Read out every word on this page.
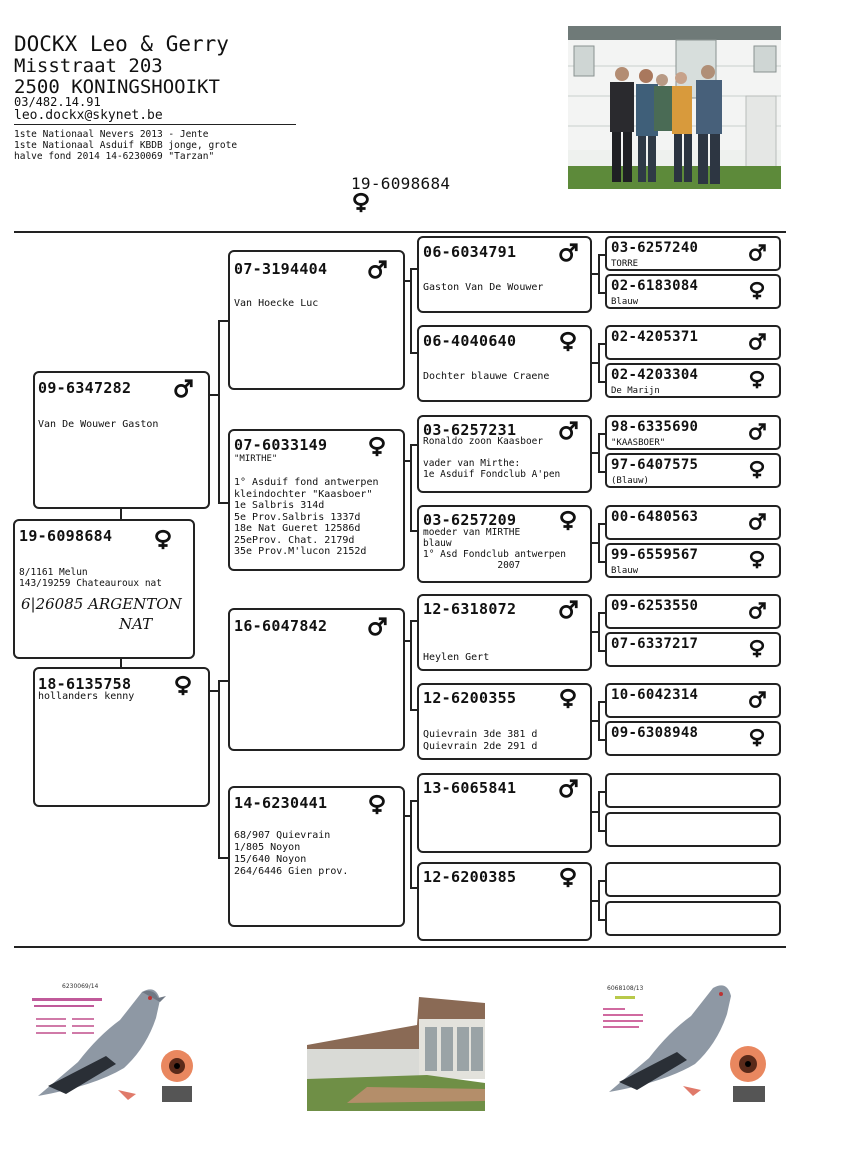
DOCKX Leo & Gerry
Misstraat 203
2500 KONINGSHOOIKT
03/482.14.91
leo.dockx@skynet.be
1ste Nationaal Nevers 2013 - Jente
1ste Nationaal Asduif KBDB jonge, grote
halve fond 2014 14-6230069 "Tarzan"
19-6098684
19-6098684
8/1161 Melun
143/19259 Chateauroux nat
6|26085 ARGENTON
NAT
09-6347282
Van De Wouwer Gaston
18-6135758
hollanders kenny
07-3194404
Van Hoecke Luc
07-6033149
"MIRTHE"
1° Asduif fond antwerpen
kleindochter "Kaasboer"
1e Salbris 314d
5e Prov.Salbris 1337d
18e Nat Gueret 12586d
25eProv. Chat. 2179d
35e Prov.M'lucon 2152d
16-6047842
14-6230441
68/907 Quievrain
1/805 Noyon
15/640 Noyon
264/6446 Gien prov.
06-6034791
Gaston Van De Wouwer
06-4040640
Dochter blauwe Craene
03-6257231
Ronaldo zoon Kaasboer

vader van Mirthe:
1e Asduif Fondclub A'pen
03-6257209
moeder van MIRTHE
blauw
1° Asd Fondclub antwerpen
2007
12-6318072
Heylen Gert
12-6200355
Quievrain 3de 381 d
Quievrain 2de 291 d
13-6065841
12-6200385
03-6257240
TORRE
02-6183084
Blauw
02-4205371
02-4203304
De Marijn
98-6335690
"KAASBOER"
97-6407575
(Blauw)
00-6480563
99-6559567
Blauw
09-6253550
07-6337217
10-6042314
09-6308948
6230069/14	6068108/13
